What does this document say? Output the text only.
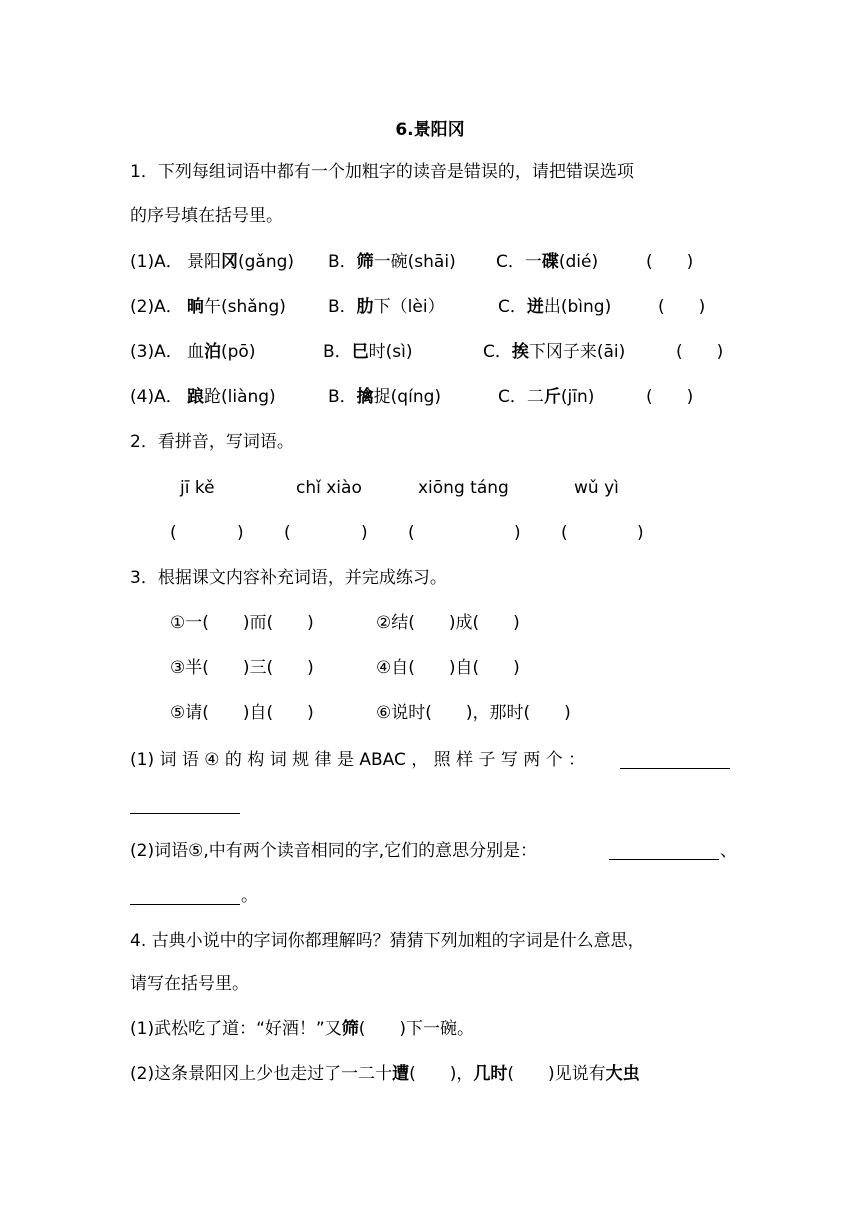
6.景阳冈
1．下列每组词语中都有一个加粗字的读音是错误的，请把错误选项
的序号填在括号里。
(1)A． 景阳冈(gǎng) B．筛一碗(shāi) C．一碟(dié)	(　　)
(2)A． 晌午(shǎng) B．肋下（lèi）	C．迸出(bìng)	(　　)
(3)A． 血泊(pō)	B．巳时(sì)	C．挨下冈子来(āi)	(　　)
(4)A． 踉跄(liàng)	B．擒捉(qíng)	C．二斤(jīn)	(　　)
2．看拼音，写词语。
jī kě	chǐ xiào	xiōng táng	wǔ yì
(	) (	) (	) (	)
3．根据课文内容补充词语，并完成练习。
①一(　　)而(　　)	②结(　　)成(　　)
③半(　　)三(　　)	④自(　　)自(　　)
⑤请(　　)自(　　)	⑥说时(　　)，那时(　　)
(1) 词 语 ④ 的 构 词 规 律 是 ABAC ， 照 样 子 写 两 个 ：
(2)词语⑤,中有两个读音相同的字,它们的意思分别是：	、
。
4. 古典小说中的字词你都理解吗？猜猜下列加粗的字词是什么意思，
请写在括号里。
(1)武松吃了道：“好酒！”又筛(　　)下一碗。
(2)这条景阳冈上少也走过了一二十遭(　　)，几时(　　)见说有大虫
